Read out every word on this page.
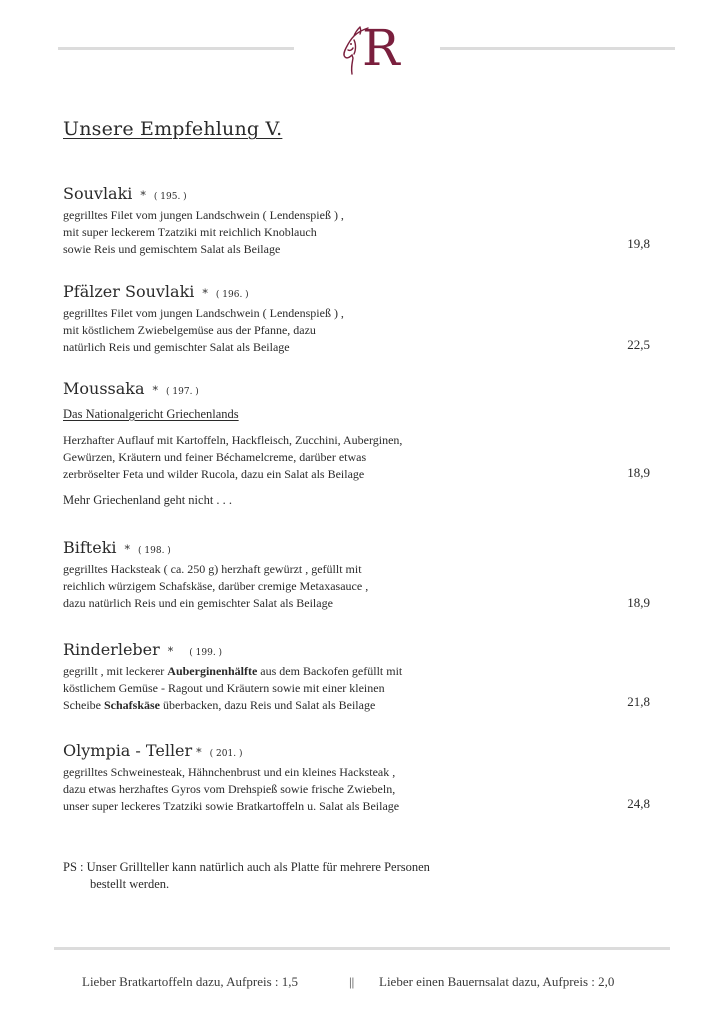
R
Unsere Empfehlung V.
Souvlaki * ( 195. )
gegrilltes Filet vom jungen Landschwein ( Lendenspieß ) ,
mit super leckerem Tzatziki mit reichlich Knoblauch
sowie Reis und gemischtem Salat als Beilage	19,8
Pfälzer Souvlaki * ( 196. )
gegrilltes Filet vom jungen Landschwein ( Lendenspieß ) ,
mit köstlichem Zwiebelgemüse aus der Pfanne, dazu
natürlich Reis und gemischter Salat als Beilage	22,5
Moussaka * ( 197. )
Das Nationalgericht Griechenlands
Herzhafter Auflauf mit Kartoffeln, Hackfleisch, Zucchini, Auberginen,
Gewürzen, Kräutern und feiner Béchamelcreme, darüber etwas
zerbröselter Feta und wilder Rucola, dazu ein Salat als Beilage
Mehr Griechenland geht nicht . . .
18,9
Bifteki * ( 198. )
gegrilltes Hacksteak ( ca. 250 g) herzhaft gewürzt , gefüllt mit
reichlich würzigem Schafskäse, darüber cremige Metaxasauce ,
dazu natürlich Reis und ein gemischter Salat als Beilage	18,9
Rinderleber * ( 199. )
gegrillt , mit leckerer Auberginenhälfte aus dem Backofen gefüllt mit
köstlichem Gemüse - Ragout und Kräutern sowie mit einer kleinen
Scheibe Schafskäse überbacken, dazu Reis und Salat als Beilage	21,8
Olympia - Teller * ( 201. )
gegrilltes Schweinesteak, Hähnchenbrust und ein kleines Hacksteak ,
dazu etwas herzhaftes Gyros vom Drehspieß sowie frische Zwiebeln,
unser super leckeres Tzatziki sowie Bratkartoffeln u. Salat als Beilage	24,8
PS : Unser Grillteller kann natürlich auch als Platte für mehrere Personen
bestellt werden.
Lieber Bratkartoffeln dazu, Aufpreis : 1,5	|| Lieber einen Bauernsalat dazu, Aufpreis : 2,0
